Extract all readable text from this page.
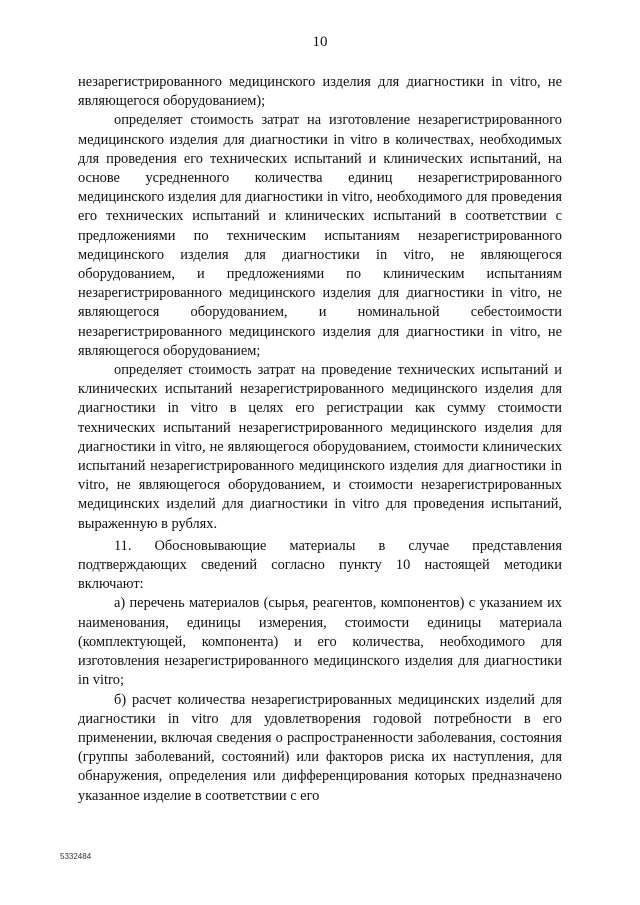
10

незарегистрированного медицинского изделия для диагностики in vitro, не являющегося оборудованием);

определяет стоимость затрат на изготовление незарегистрированного медицинского изделия для диагностики in vitro в количествах, необходимых для проведения его технических испытаний и клинических испытаний, на основе усредненного количества единиц незарегистрированного медицинского изделия для диагностики in vitro, необходимого для проведения его технических испытаний и клинических испытаний в соответствии с предложениями по техническим испытаниям незарегистрированного медицинского изделия для диагностики in vitro, не являющегося оборудованием, и предложениями по клиническим испытаниям незарегистрированного медицинского изделия для диагностики in vitro, не являющегося оборудованием, и номинальной себестоимости незарегистрированного медицинского изделия для диагностики in vitro, не являющегося оборудованием;

определяет стоимость затрат на проведение технических испытаний и клинических испытаний незарегистрированного медицинского изделия для диагностики in vitro в целях его регистрации как сумму стоимости технических испытаний незарегистрированного медицинского изделия для диагностики in vitro, не являющегося оборудованием, стоимости клинических испытаний незарегистрированного медицинского изделия для диагностики in vitro, не являющегося оборудованием, и стоимости незарегистрированных медицинских изделий для диагностики in vitro для проведения испытаний, выраженную в рублях.

11. Обосновывающие материалы в случае представления подтверждающих сведений согласно пункту 10 настоящей методики включают:

а) перечень материалов (сырья, реагентов, компонентов) с указанием их наименования, единицы измерения, стоимости единицы материала (комплектующей, компонента) и его количества, необходимого для изготовления незарегистрированного медицинского изделия для диагностики in vitro;

б) расчет количества незарегистрированных медицинских изделий для диагностики in vitro для удовлетворения годовой потребности в его применении, включая сведения о распространенности заболевания, состояния (группы заболеваний, состояний) или факторов риска их наступления, для обнаружения, определения или дифференцирования которых предназначено указанное изделие в соответствии с его

5332484
